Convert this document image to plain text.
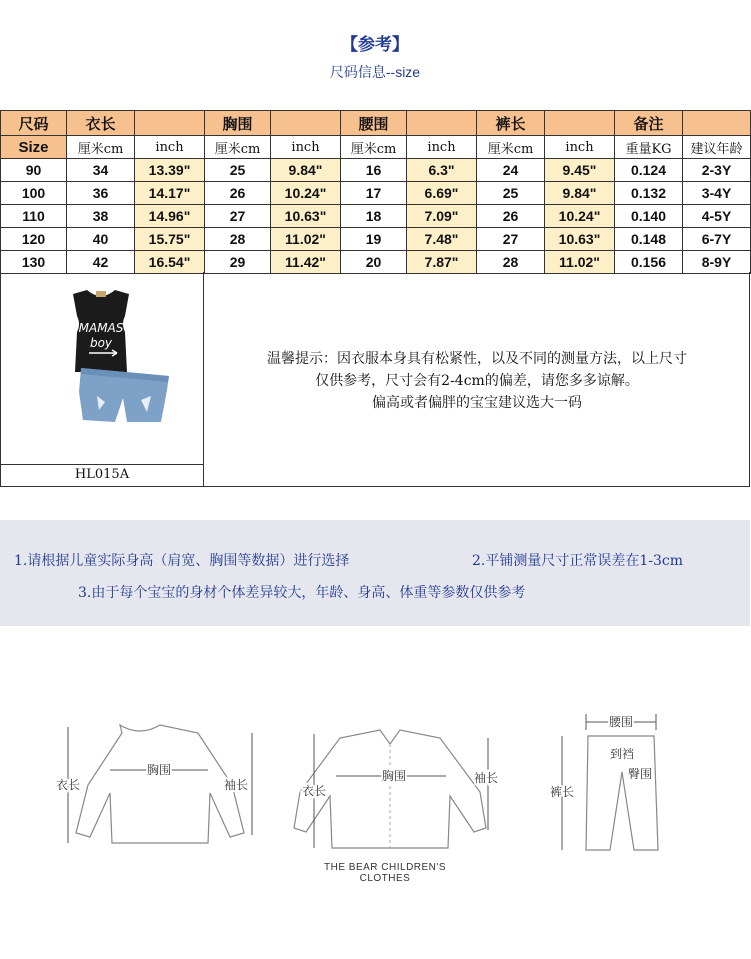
【参考】
尺码信息--size
尺码	衣长		胸围		腰围		裤长		备注	
Size	厘米cm	inch	厘米cm	inch	厘米cm	inch	厘米cm	inch	重量KG	建议年龄
90	34	13.39"	25	9.84"	16	6.3"	24	9.45"	0.124	2-3Y
100	36	14.17"	26	10.24"	17	6.69"	25	9.84"	0.132	3-4Y
110	38	14.96"	27	10.63"	18	7.09"	26	10.24"	0.140	4-5Y
120	40	15.75"	28	11.02"	19	7.48"	27	10.63"	0.148	6-7Y
130	42	16.54"	29	11.42"	20	7.87"	28	11.02"	0.156	8-9Y
MAMAS
boy
HL015A
温馨提示：因衣服本身具有松紧性，以及不同的测量方法，以上尺寸
仅供参考，尺寸会有2-4cm的偏差，请您多多谅解。
偏高或者偏胖的宝宝建议选大一码
1.请根据儿童实际身高（肩宽、胸围等数据）进行选择	2.平铺测量尺寸正常误差在1-3cm
3.由于每个宝宝的身材个体差异较大，年龄、身高、体重等参数仅供参考
衣长
胸围
袖长	衣长
胸围	袖长
腰围
裤长
到裆
臀围
THE BEAR CHILDREN'S CLOTHES
